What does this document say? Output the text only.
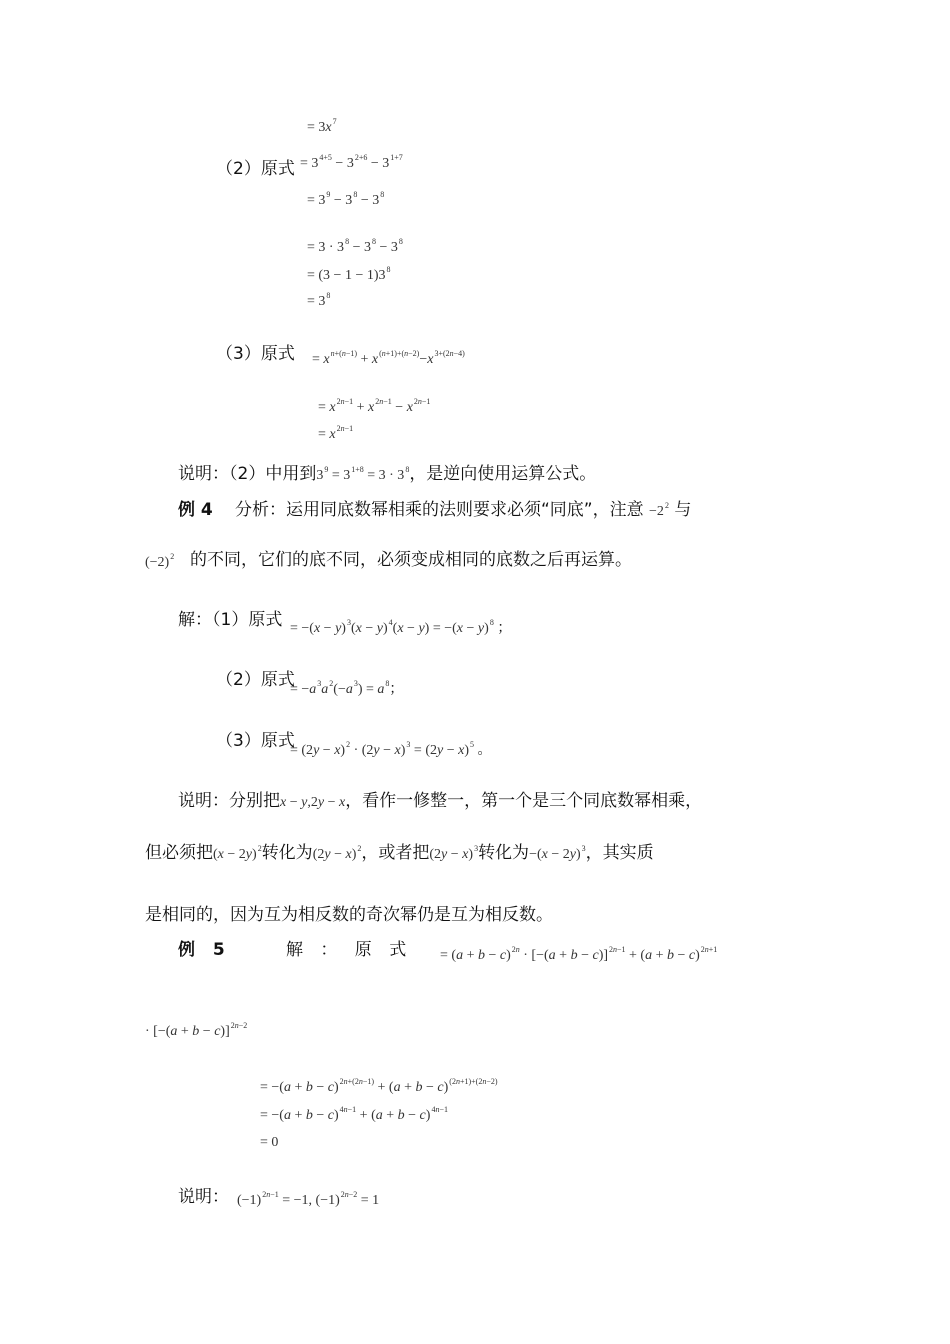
= $3x^7$
（2）原式 = $3^{4+5} - 3^{2+6} - 3^{1+7}$
= $3^9 - 3^8 - 3^8$
= $3 \cdot 3^8 - 3^8 - 3^8$
= $(3 - 1 - 1)3^8$
= $3^8$
（3）原式 = $x^{n+(n-1)} + x^{(n+1)+(n-2)}-x^{3+(2n-4)}$
= $x^{2n-1} + x^{2n-1} - x^{2n-1}$
= $x^{2n-1}$
说明：（2）中用到$3^9 = 3^{1+8} = 3 \cdot 3^8$，是逆向使用运算公式。
例 4 分析：运用同底数幂相乘的法则要求必须“同底”，注意 $-2^2$ 与
$(-2)^2$ 的不同，它们的底不同，必须变成相同的底数之后再运算。
解：（1）原式 = $-(x - y)^3(x - y)^4(x - y) = -(x - y)^8$ ；
（2）原式
= $-a^3a^2(-a^3) = a^8$；
（3）原式
= $(2y - x)^2 \cdot (2y - x)^3 = (2y - x)^5$ 。
说明：分别把x − y,2y − x，看作一修整一，第一个是三个同底数幂相乘，
但必须把$(x - 2y)^2$转化为$(2y - x)^2$，或者把$(2y - x)^3$转化为$-(x - 2y)^3$，其实质
是相同的，因为互为相反数的奇次幂仍是互为相反数。
例 5	解 ： 原 式 = $(a + b - c)^{2n} \cdot [-(a + b - c)]^{2n-1} + (a + b - c)^{2n+1}$
· $[-(a + b - c)]^{2n-2}$
= $-(a + b - c)^{2n+(2n-1)} + (a + b - c)^{(2n+1)+(2n-2)}$
= $-(a + b - c)^{4n-1} + (a + b - c)^{4n-1}$
= 0
说明： $(-1)^{2n-1} = -1$, $(-1)^{2n-2} = 1$
